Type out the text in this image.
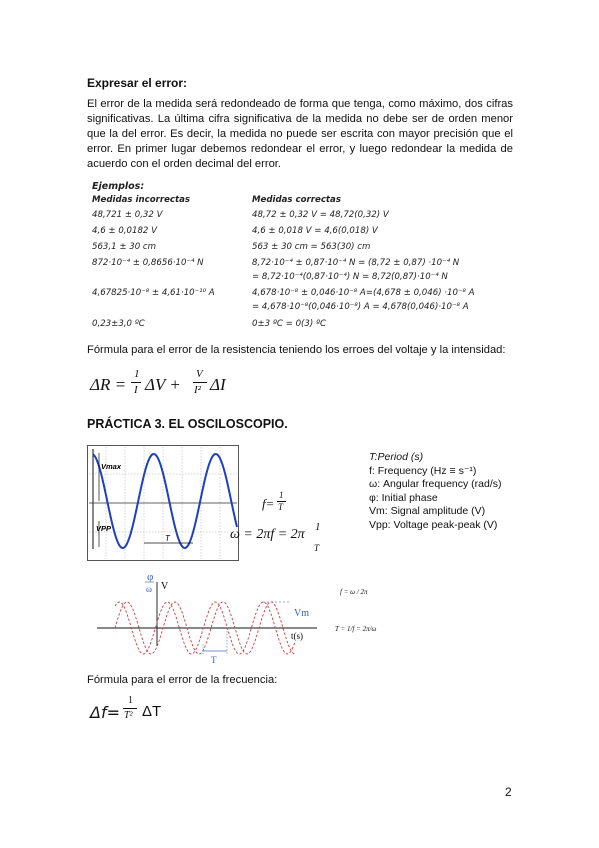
Expresar el error:
El error de la medida será redondeado de forma que tenga, como máximo, dos cifras significativas. La última cifra significativa de la medida no debe ser de orden menor que la del error. Es decir, la medida no puede ser escrita con mayor precisión que el error. En primer lugar debemos redondear el error, y luego redondear la medida de acuerdo con el orden decimal del error.
Ejemplos:
Medidas incorrectas	Medidas correctas
48,721 ± 0,32 V	48,72 ± 0,32 V = 48,72(0,32) V
4,6 ± 0,0182 V	4,6 ± 0,018 V = 4,6(0,018) V
563,1 ± 30 cm	563 ± 30 cm = 563(30) cm
872·10⁻⁴ ± 0,8656·10⁻⁴ N	8,72·10⁻⁴ ± 0,87·10⁻⁴ N = (8,72 ± 0,87) ·10⁻⁴ N
= 8,72·10⁻⁴(0,87·10⁻⁴) N = 8,72(0,87)·10⁻⁴ N
4,67825·10⁻⁸ ± 4,61·10⁻¹⁰ A	4,678·10⁻⁸ ± 0,046·10⁻⁸ A=(4,678 ± 0,046) ·10⁻⁸ A
= 4,678·10⁻⁸(0,046·10⁻⁸) A = 4,678(0,046)·10⁻⁸ A
0,23±3,0 ºC	0±3 ºC = 0(3) ºC
Fórmula para el error de la resistencia teniendo los erroes del voltaje y la intensidad:
ΔR =
1
I ΔV +
V
I² ΔI
PRÁCTICA 3. EL OSCILOSCOPIO.
Vmax
VPP
T
f=
1
T
ω = 2πf = 2π 1
T
T:Period (s)
f: Frequency (Hz ≡ s⁻¹)
ω: Angular frequency (rad/s)
φ: Initial phase
Vm: Signal amplitude (V)
Vpp: Voltage peak-peak (V)
φ
ω V
Vm
t(s)
T
f = ω / 2π
T = 1/f = 2π/ω
Fórmula para el error de la frecuencia:
Δf=
1
T² ΔT
2
